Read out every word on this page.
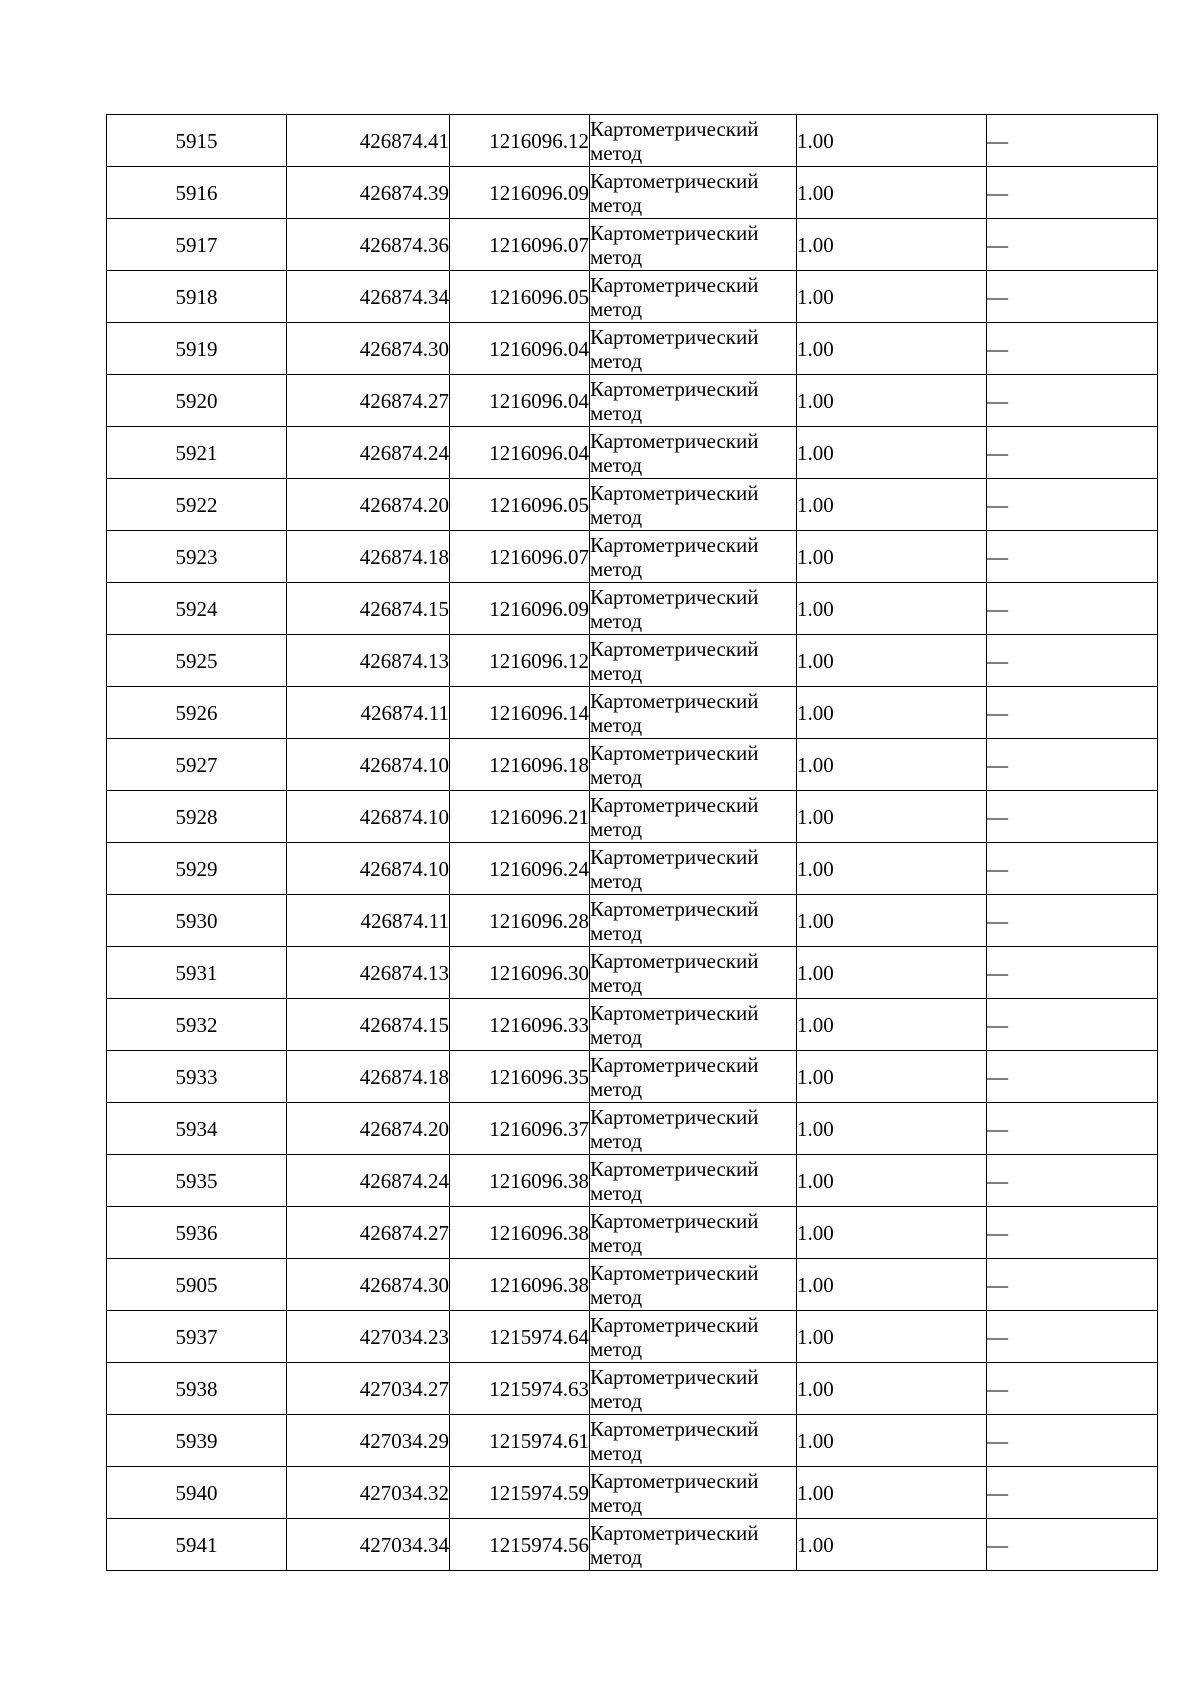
5915	426874.41	1216096.12	Картометрический
метод	1.00	—
5916	426874.39	1216096.09	Картометрический
метод	1.00	—
5917	426874.36	1216096.07	Картометрический
метод	1.00	—
5918	426874.34	1216096.05	Картометрический
метод	1.00	—
5919	426874.30	1216096.04	Картометрический
метод	1.00	—
5920	426874.27	1216096.04	Картометрический
метод	1.00	—
5921	426874.24	1216096.04	Картометрический
метод	1.00	—
5922	426874.20	1216096.05	Картометрический
метод	1.00	—
5923	426874.18	1216096.07	Картометрический
метод	1.00	—
5924	426874.15	1216096.09	Картометрический
метод	1.00	—
5925	426874.13	1216096.12	Картометрический
метод	1.00	—
5926	426874.11	1216096.14	Картометрический
метод	1.00	—
5927	426874.10	1216096.18	Картометрический
метод	1.00	—
5928	426874.10	1216096.21	Картометрический
метод	1.00	—
5929	426874.10	1216096.24	Картометрический
метод	1.00	—
5930	426874.11	1216096.28	Картометрический
метод	1.00	—
5931	426874.13	1216096.30	Картометрический
метод	1.00	—
5932	426874.15	1216096.33	Картометрический
метод	1.00	—
5933	426874.18	1216096.35	Картометрический
метод	1.00	—
5934	426874.20	1216096.37	Картометрический
метод	1.00	—
5935	426874.24	1216096.38	Картометрический
метод	1.00	—
5936	426874.27	1216096.38	Картометрический
метод	1.00	—
5905	426874.30	1216096.38	Картометрический
метод	1.00	—
5937	427034.23	1215974.64	Картометрический
метод	1.00	—
5938	427034.27	1215974.63	Картометрический
метод	1.00	—
5939	427034.29	1215974.61	Картометрический
метод	1.00	—
5940	427034.32	1215974.59	Картометрический
метод	1.00	—
5941	427034.34	1215974.56	Картометрический
метод	1.00	—
